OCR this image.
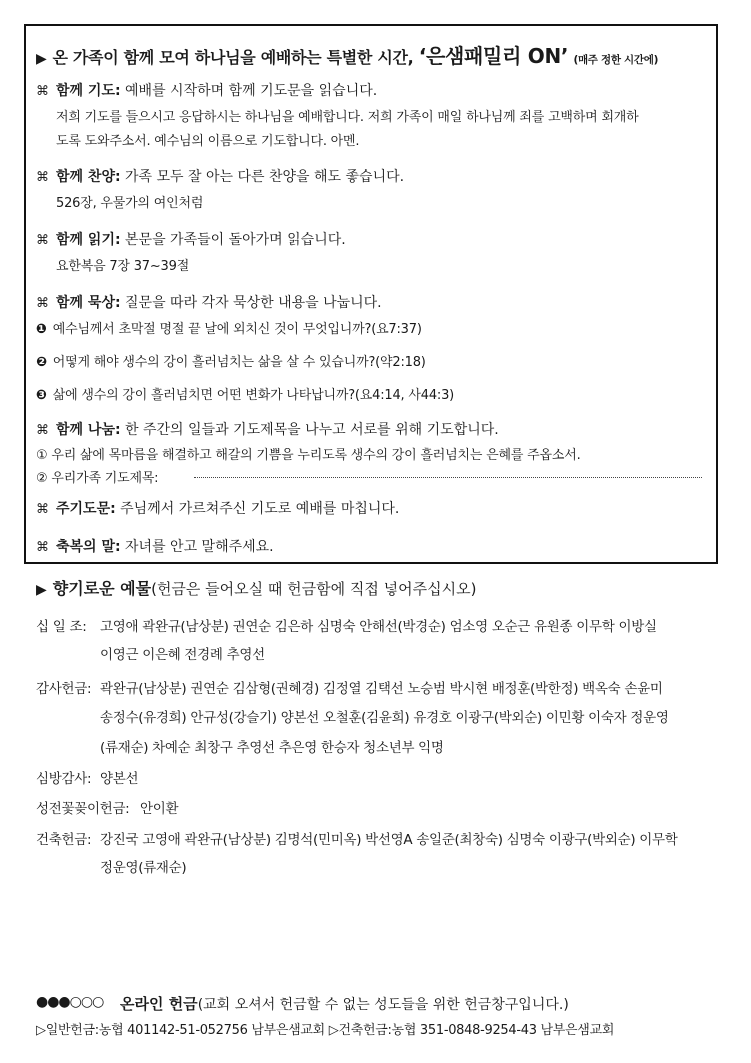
▶ 온 가족이 함께 모여 하나님을 예배하는 특별한 시간, ‘은샘패밀리 ON’ (매주 정한 시간에)
⌘ 함께 기도: 예배를 시작하며 함께 기도문을 읽습니다.
저희 기도를 들으시고 응답하시는 하나님을 예배합니다. 저희 가족이 매일 하나님께 죄를 고백하며 회개하
도록 도와주소서. 예수님의 이름으로 기도합니다. 아멘.
⌘ 함께 찬양: 가족 모두 잘 아는 다른 찬양을 해도 좋습니다.
526장, 우물가의 여인처럼
⌘ 함께 읽기: 본문을 가족들이 돌아가며 읽습니다.
요한복음 7장 37~39절
⌘ 함께 묵상: 질문을 따라 각자 묵상한 내용을 나눕니다.
❶ 예수님께서 초막절 명절 끝 날에 외치신 것이 무엇입니까?(요7:37)
❷ 어떻게 해야 생수의 강이 흘러넘치는 삶을 살 수 있습니까?(약2:18)
❸ 삶에 생수의 강이 흘러넘치면 어떤 변화가 나타납니까?(요4:14, 사44:3)
⌘ 함께 나눔: 한 주간의 일들과 기도제목을 나누고 서로를 위해 기도합니다.
① 우리 삶에 목마름을 해결하고 해갈의 기쁨을 누리도록 생수의 강이 흘러넘치는 은혜를 주옵소서.
② 우리가족 기도제목:
⌘ 주기도문: 주님께서 가르쳐주신 기도로 예배를 마칩니다.
⌘ 축복의 말: 자녀를 안고 말해주세요.
▶ 향기로운 예물(헌금은 들어오실 때 헌금함에 직접 넣어주십시오)
십 일 조: 고영애 곽완규(남상분) 권연순 김은하 심명숙 안해선(박경순) 엄소영 오순근 유원종 이무학 이방실
이영근 이은혜 전경례 추영선
감사헌금: 곽완규(남상분) 권연순 김삼형(권혜경) 김정열 김택선 노승범 박시현 배정훈(박한정) 백옥숙 손윤미
송정수(유경희) 안규성(강슬기) 양본선 오철훈(김윤희) 유경호 이광구(박외순) 이민황 이숙자 정운영
(류재순) 차예순 최창구 추영선 추은영 한승자 청소년부 익명
심방감사: 양본선
성전꽃꽂이헌금: 안이환
건축헌금: 강진국 고영애 곽완규(남상분) 김명석(민미옥) 박선영A 송일준(최창숙) 심명숙 이광구(박외순) 이무학
정운영(류재순)
●●●○○○ 온라인 헌금(교회 오셔서 헌금할 수 없는 성도들을 위한 헌금창구입니다.)
▷일반헌금:농협 401142-51-052756 남부은샘교회 ▷건축헌금:농협 351-0848-9254-43 남부은샘교회
